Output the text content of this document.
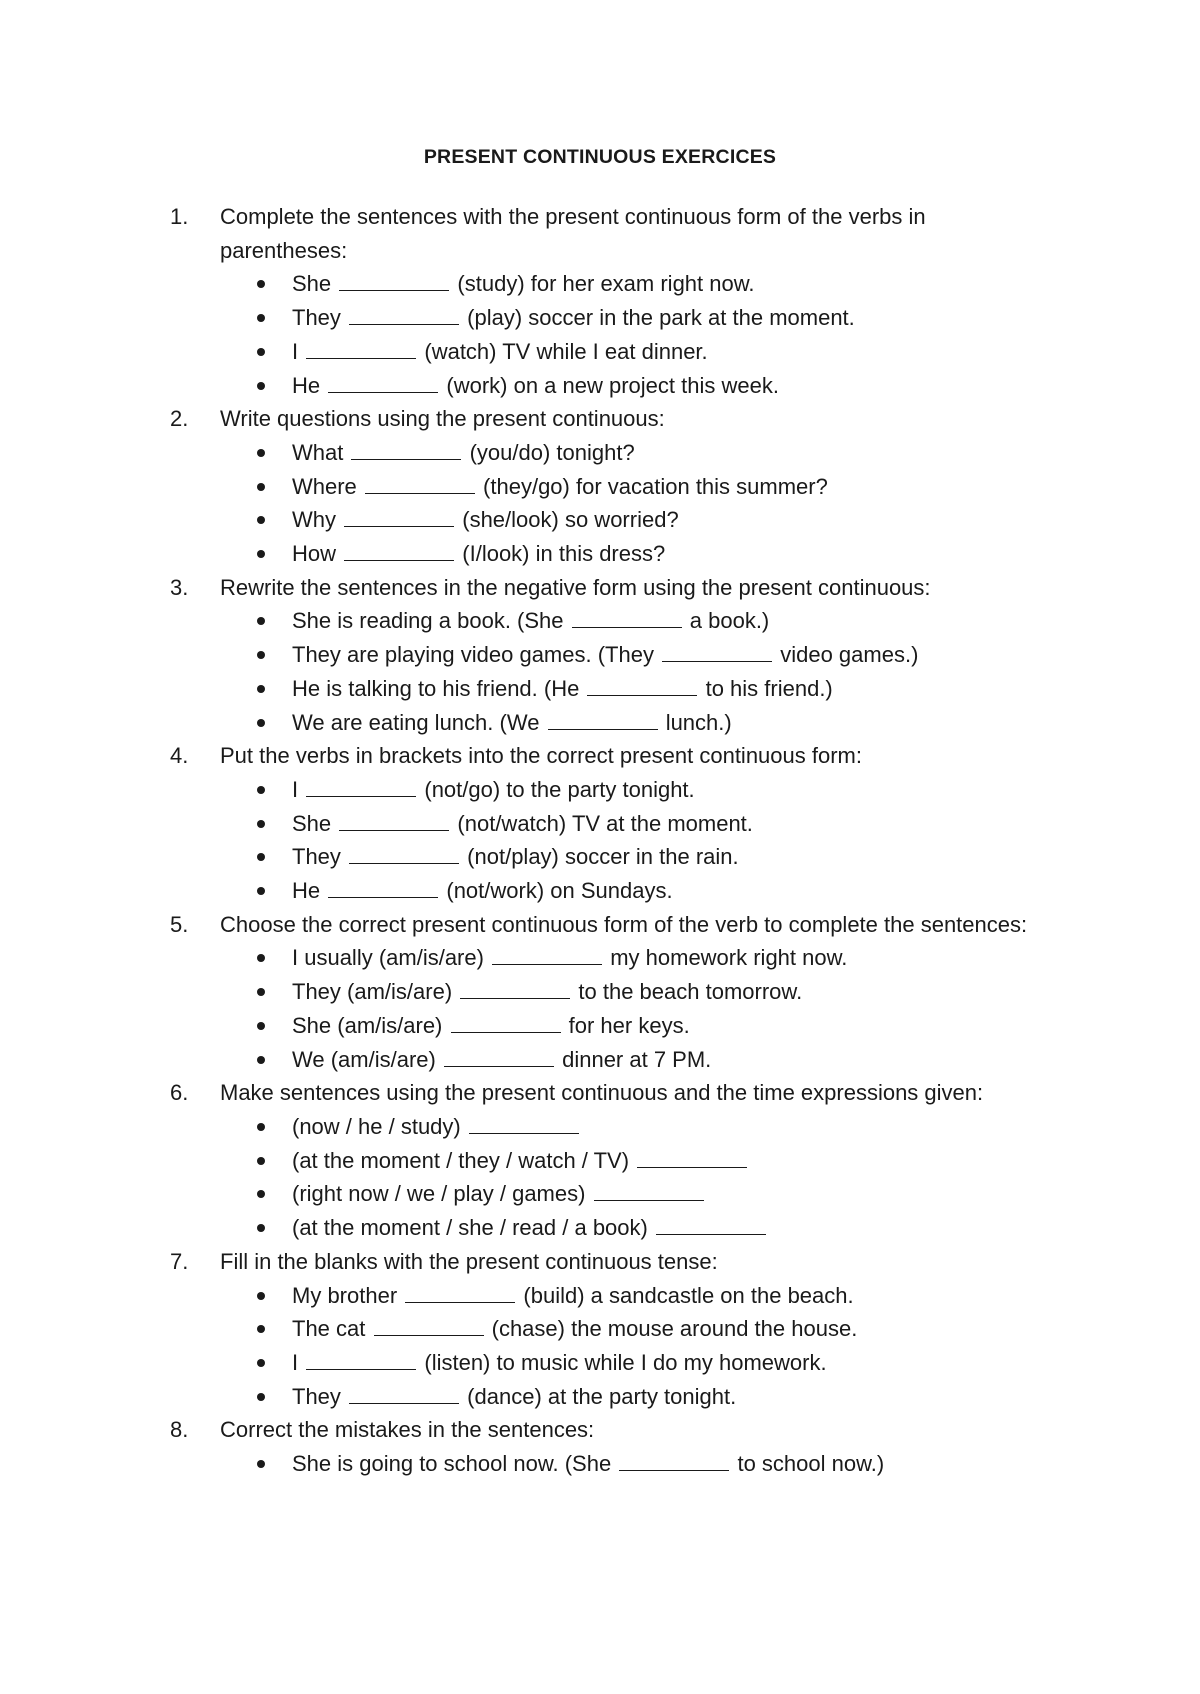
PRESENT CONTINUOUS EXERCICES
1.	Complete the sentences with the present continuous form of the verbs in parentheses:
She	(study) for her exam right now.
They	(play) soccer in the park at the moment.
I	(watch) TV while I eat dinner.
He	(work) on a new project this week.
2.	Write questions using the present continuous:
What	(you/do) tonight?
Where	(they/go) for vacation this summer?
Why	(she/look) so worried?
How	(I/look) in this dress?
3.	Rewrite the sentences in the negative form using the present continuous:
She is reading a book. (She	a book.)
They are playing video games. (They	video games.)
He is talking to his friend. (He	to his friend.)
We are eating lunch. (We	lunch.)
4.	Put the verbs in brackets into the correct present continuous form:
I	(not/go) to the party tonight.
She	(not/watch) TV at the moment.
They	(not/play) soccer in the rain.
He	(not/work) on Sundays.
5.	Choose the correct present continuous form of the verb to complete the sentences:
I usually (am/is/are)	my homework right now.
They (am/is/are)	to the beach tomorrow.
She (am/is/are)	for her keys.
We (am/is/are)	dinner at 7 PM.
6.	Make sentences using the present continuous and the time expressions given:
(now / he / study)
(at the moment / they / watch / TV)
(right now / we / play / games)
(at the moment / she / read / a book)
7.	Fill in the blanks with the present continuous tense:
My brother	(build) a sandcastle on the beach.
The cat	(chase) the mouse around the house.
I	(listen) to music while I do my homework.
They	(dance) at the party tonight.
8.	Correct the mistakes in the sentences:
She is going to school now. (She	to school now.)
